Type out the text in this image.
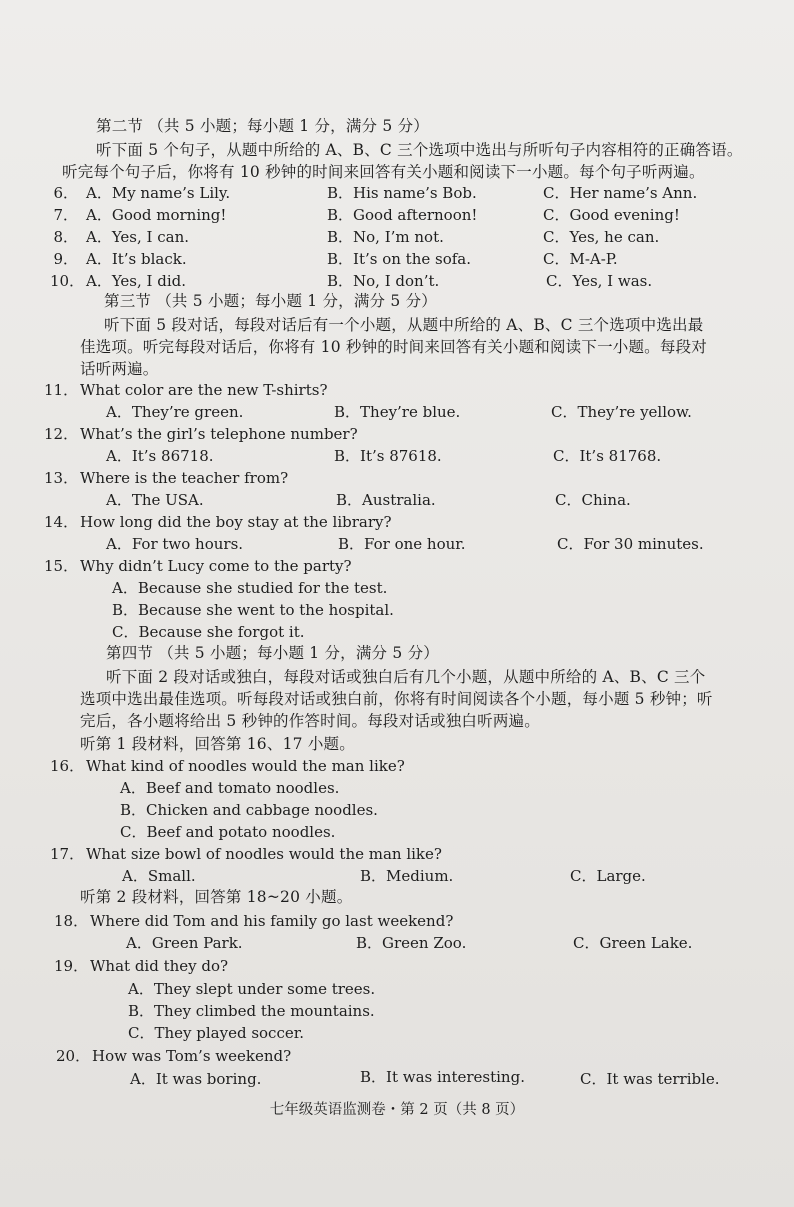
第二节 （共 5 小题；每小题 1 分，满分 5 分）
听下面 5 个句子，从题中所给的 A、B、C 三个选项中选出与所听句子内容相符的正确答语。
听完每个句子后，你将有 10 秒钟的时间来回答有关小题和阅读下一小题。每个句子听两遍。
6． A．My name’s Lily.	B．His name’s Bob.	C．Her name’s Ann.
7． A．Good morning!	B．Good afternoon!	C．Good evening!
8． A．Yes, I can.	B．No, I’m not.	C．Yes, he can.
9． A．It’s black.	B．It’s on the sofa.	C．M-A-P.
10． A．Yes, I did.	B．No, I don’t.	C．Yes, I was.
第三节 （共 5 小题；每小题 1 分，满分 5 分）
听下面 5 段对话，每段对话后有一个小题，从题中所给的 A、B、C 三个选项中选出最
佳选项。听完每段对话后，你将有 10 秒钟的时间来回答有关小题和阅读下一小题。每段对
话听两遍。
11． What color are the new T-shirts?
A．They’re green.	B．They’re blue.	C．They’re yellow.
12． What’s the girl’s telephone number?
A．It’s 86718.	B．It’s 87618.	C．It’s 81768.
13． Where is the teacher from?
A．The USA.	B．Australia.	C．China.
14． How long did the boy stay at the library?
A．For two hours.	B．For one hour.	C．For 30 minutes.
15． Why didn’t Lucy come to the party?
A．Because she studied for the test.
B．Because she went to the hospital.
C．Because she forgot it.
第四节 （共 5 小题；每小题 1 分，满分 5 分）
听下面 2 段对话或独白，每段对话或独白后有几个小题，从题中所给的 A、B、C 三个
选项中选出最佳选项。听每段对话或独白前，你将有时间阅读各个小题，每小题 5 秒钟；听
完后，各小题将给出 5 秒钟的作答时间。每段对话或独白听两遍。
听第 1 段材料，回答第 16、17 小题。
16． What kind of noodles would the man like?
A．Beef and tomato noodles.
B．Chicken and cabbage noodles.
C．Beef and potato noodles.
17． What size bowl of noodles would the man like?
A．Small.	B．Medium.	C．Large.
听第 2 段材料，回答第 18~20 小题。
18． Where did Tom and his family go last weekend?
A．Green Park.	B．Green Zoo.	C．Green Lake.
19． What did they do?
A．They slept under some trees.
B．They climbed the mountains.
C．They played soccer.
20． How was Tom’s weekend?
A．It was boring.	B．It was interesting.	C．It was terrible.
七年级英语监测卷・第 2 页（共 8 页）
